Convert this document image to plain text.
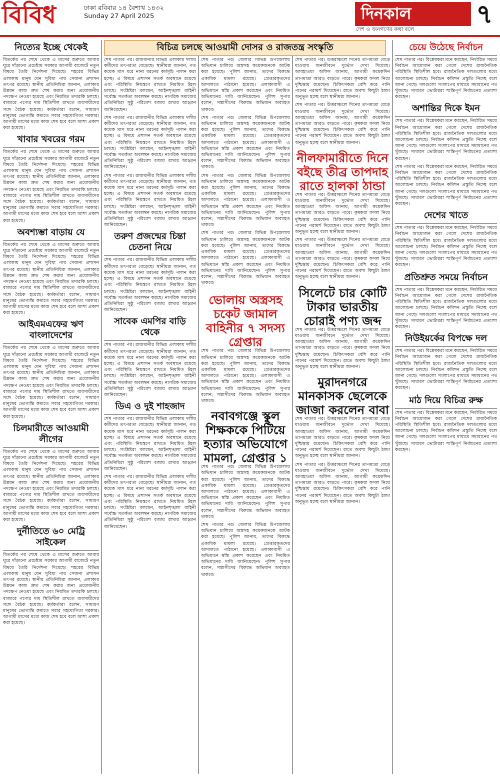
বিবিধ	ঢাকা রবিবার ১৪ বৈশাখ ১৪৩২
Sunday 27 April 2025	দিনকাল
দেশ ও জনগণের কথা বলে ৭
নিত্যের ইচ্ছে থেকেই

বিতর্কের পর শেষে থেকে এ মাসের শুরুতে আবার ঘুরে দাঁড়ানো প্রচেষ্টায় সরকার আগামী বাজেটে নতুন বিষয়ে তৈরি নির্দেশনা দিয়েছে। শহরের বিভিন্ন এলাকায় মানুষ যেন সুবিধা পায় সেজন্য প্রশাসন তৎপর রয়েছে। স্থানীয় প্রতিনিধিরা জানান, এলাকার উন্নয়ন কাজ দ্রুত শেষ করার জন্য প্রয়োজনীয় পদক্ষেপ নেওয়া হয়েছে এবং নিয়মিত তদারকি চলছে। বাজারে পণ্যের দাম স্থিতিশীল রাখতে ব্যবসায়ীদের সঙ্গে বৈঠক হয়েছে। কর্মকর্তারা বলেন, সাধারণ মানুষের ভোগান্তি কমাতে সবার সহযোগিতা দরকার। আগামী মাসের মধ্যে কাজ শেষ হবে বলে আশা প্রকাশ করা হয়েছে।

খাবার খবরের গরম

বিতর্কের পর শেষে থেকে এ মাসের শুরুতে আবার ঘুরে দাঁড়ানো প্রচেষ্টায় সরকার আগামী বাজেটে নতুন বিষয়ে তৈরি নির্দেশনা দিয়েছে। শহরের বিভিন্ন এলাকায় মানুষ যেন সুবিধা পায় সেজন্য প্রশাসন তৎপর রয়েছে। স্থানীয় প্রতিনিধিরা জানান, এলাকার উন্নয়ন কাজ দ্রুত শেষ করার জন্য প্রয়োজনীয় পদক্ষেপ নেওয়া হয়েছে এবং নিয়মিত তদারকি চলছে। বাজারে পণ্যের দাম স্থিতিশীল রাখতে ব্যবসায়ীদের সঙ্গে বৈঠক হয়েছে। কর্মকর্তারা বলেন, সাধারণ মানুষের ভোগান্তি কমাতে সবার সহযোগিতা দরকার। আগামী মাসের মধ্যে কাজ শেষ হবে বলে আশা প্রকাশ করা হয়েছে।

অবশ্যম্ভা বাড়ায় যে

বিতর্কের পর শেষে থেকে এ মাসের শুরুতে আবার ঘুরে দাঁড়ানো প্রচেষ্টায় সরকার আগামী বাজেটে নতুন বিষয়ে তৈরি নির্দেশনা দিয়েছে। শহরের বিভিন্ন এলাকায় মানুষ যেন সুবিধা পায় সেজন্য প্রশাসন তৎপর রয়েছে। স্থানীয় প্রতিনিধিরা জানান, এলাকার উন্নয়ন কাজ দ্রুত শেষ করার জন্য প্রয়োজনীয় পদক্ষেপ নেওয়া হয়েছে এবং নিয়মিত তদারকি চলছে। বাজারে পণ্যের দাম স্থিতিশীল রাখতে ব্যবসায়ীদের সঙ্গে বৈঠক হয়েছে। কর্মকর্তারা বলেন, সাধারণ মানুষের ভোগান্তি কমাতে সবার সহযোগিতা দরকার। আগামী মাসের মধ্যে কাজ শেষ হবে বলে আশা প্রকাশ করা হয়েছে।

আইএমএফের ঋণ বাংলাদেশের

বিতর্কের পর শেষে থেকে এ মাসের শুরুতে আবার ঘুরে দাঁড়ানো প্রচেষ্টায় সরকার আগামী বাজেটে নতুন বিষয়ে তৈরি নির্দেশনা দিয়েছে। শহরের বিভিন্ন এলাকায় মানুষ যেন সুবিধা পায় সেজন্য প্রশাসন তৎপর রয়েছে। স্থানীয় প্রতিনিধিরা জানান, এলাকার উন্নয়ন কাজ দ্রুত শেষ করার জন্য প্রয়োজনীয় পদক্ষেপ নেওয়া হয়েছে এবং নিয়মিত তদারকি চলছে। বাজারে পণ্যের দাম স্থিতিশীল রাখতে ব্যবসায়ীদের সঙ্গে বৈঠক হয়েছে। কর্মকর্তারা বলেন, সাধারণ মানুষের ভোগান্তি কমাতে সবার সহযোগিতা দরকার। আগামী মাসের মধ্যে কাজ শেষ হবে বলে আশা প্রকাশ করা হয়েছে।

চিলমারীতে আওয়ামী লীগের

বিতর্কের পর শেষে থেকে এ মাসের শুরুতে আবার ঘুরে দাঁড়ানো প্রচেষ্টায় সরকার আগামী বাজেটে নতুন বিষয়ে তৈরি নির্দেশনা দিয়েছে। শহরের বিভিন্ন এলাকায় মানুষ যেন সুবিধা পায় সেজন্য প্রশাসন তৎপর রয়েছে। স্থানীয় প্রতিনিধিরা জানান, এলাকার উন্নয়ন কাজ দ্রুত শেষ করার জন্য প্রয়োজনীয় পদক্ষেপ নেওয়া হয়েছে এবং নিয়মিত তদারকি চলছে। বাজারে পণ্যের দাম স্থিতিশীল রাখতে ব্যবসায়ীদের সঙ্গে বৈঠক হয়েছে। কর্মকর্তারা বলেন, সাধারণ মানুষের ভোগান্তি কমাতে সবার সহযোগিতা দরকার। আগামী মাসের মধ্যে কাজ শেষ হবে বলে আশা প্রকাশ করা হয়েছে।

দুর্নীতিতে ৬০ মেট্রি সাইকেল

বিতর্কের পর শেষে থেকে এ মাসের শুরুতে আবার ঘুরে দাঁড়ানো প্রচেষ্টায় সরকার আগামী বাজেটে নতুন বিষয়ে তৈরি নির্দেশনা দিয়েছে। শহরের বিভিন্ন এলাকায় মানুষ যেন সুবিধা পায় সেজন্য প্রশাসন তৎপর রয়েছে। স্থানীয় প্রতিনিধিরা জানান, এলাকার উন্নয়ন কাজ দ্রুত শেষ করার জন্য প্রয়োজনীয় পদক্ষেপ নেওয়া হয়েছে এবং নিয়মিত তদারকি চলছে। বাজারে পণ্যের দাম স্থিতিশীল রাখতে ব্যবসায়ীদের সঙ্গে বৈঠক হয়েছে। কর্মকর্তারা বলেন, সাধারণ মানুষের ভোগান্তি কমাতে সবার সহযোগিতা দরকার। আগামী মাসের মধ্যে কাজ শেষ হবে বলে আশা প্রকাশ করা হয়েছে।

বিচিত্ৰ চলছে আওয়ামী দোসর ও রাজতন্ত্র সংস্কৃতি

শেষ পাতার পর। রাজধানীর বিভিন্ন এলাকায় দলীয় কর্মীদের তৎপরতা বেড়েছে। স্থানীয়রা জানান, গত কয়েক মাস ধরে নানা ধরনের কর্মসূচি পালন করা হচ্ছে। এ বিষয়ে প্রশাসন সতর্ক অবস্থানে রয়েছে এবং পরিস্থিতি নিয়ন্ত্রণে রাখতে নিয়মিত টহল চলছে। সংশ্লিষ্টরা বলছেন, আইনশৃঙ্খলা বাহিনী সর্বোচ্চ সতর্কতা অবলম্বন করছে। নাগরিক সমাজের প্রতিনিধিরা সুষ্ঠু পরিবেশ বজায় রাখার আহ্বান জানিয়েছেন।

শেষ পাতার পর। রাজধানীর বিভিন্ন এলাকায় দলীয় কর্মীদের তৎপরতা বেড়েছে। স্থানীয়রা জানান, গত কয়েক মাস ধরে নানা ধরনের কর্মসূচি পালন করা হচ্ছে। এ বিষয়ে প্রশাসন সতর্ক অবস্থানে রয়েছে এবং পরিস্থিতি নিয়ন্ত্রণে রাখতে নিয়মিত টহল চলছে। সংশ্লিষ্টরা বলছেন, আইনশৃঙ্খলা বাহিনী সর্বোচ্চ সতর্কতা অবলম্বন করছে। নাগরিক সমাজের প্রতিনিধিরা সুষ্ঠু পরিবেশ বজায় রাখার আহ্বান জানিয়েছেন।

শেষ পাতার পর। রাজধানীর বিভিন্ন এলাকায় দলীয় কর্মীদের তৎপরতা বেড়েছে। স্থানীয়রা জানান, গত কয়েক মাস ধরে নানা ধরনের কর্মসূচি পালন করা হচ্ছে। এ বিষয়ে প্রশাসন সতর্ক অবস্থানে রয়েছে এবং পরিস্থিতি নিয়ন্ত্রণে রাখতে নিয়মিত টহল চলছে। সংশ্লিষ্টরা বলছেন, আইনশৃঙ্খলা বাহিনী সর্বোচ্চ সতর্কতা অবলম্বন করছে। নাগরিক সমাজের প্রতিনিধিরা সুষ্ঠু পরিবেশ বজায় রাখার আহ্বান জানিয়েছেন।

তরুণ প্রজন্মের চিন্তা চেতনা নিয়ে

শেষ পাতার পর। রাজধানীর বিভিন্ন এলাকায় দলীয় কর্মীদের তৎপরতা বেড়েছে। স্থানীয়রা জানান, গত কয়েক মাস ধরে নানা ধরনের কর্মসূচি পালন করা হচ্ছে। এ বিষয়ে প্রশাসন সতর্ক অবস্থানে রয়েছে এবং পরিস্থিতি নিয়ন্ত্রণে রাখতে নিয়মিত টহল চলছে। সংশ্লিষ্টরা বলছেন, আইনশৃঙ্খলা বাহিনী সর্বোচ্চ সতর্কতা অবলম্বন করছে। নাগরিক সমাজের প্রতিনিধিরা সুষ্ঠু পরিবেশ বজায় রাখার আহ্বান জানিয়েছেন।

সাবেক এমপির বাড়ি থেকে

শেষ পাতার পর। রাজধানীর বিভিন্ন এলাকায় দলীয় কর্মীদের তৎপরতা বেড়েছে। স্থানীয়রা জানান, গত কয়েক মাস ধরে নানা ধরনের কর্মসূচি পালন করা হচ্ছে। এ বিষয়ে প্রশাসন সতর্ক অবস্থানে রয়েছে এবং পরিস্থিতি নিয়ন্ত্রণে রাখতে নিয়মিত টহল চলছে। সংশ্লিষ্টরা বলছেন, আইনশৃঙ্খলা বাহিনী সর্বোচ্চ সতর্কতা অবলম্বন করছে। নাগরিক সমাজের প্রতিনিধিরা সুষ্ঠু পরিবেশ বজায় রাখার আহ্বান জানিয়েছেন।

ডিএ ও দুই শাহজাদ

শেষ পাতার পর। রাজধানীর বিভিন্ন এলাকায় দলীয় কর্মীদের তৎপরতা বেড়েছে। স্থানীয়রা জানান, গত কয়েক মাস ধরে নানা ধরনের কর্মসূচি পালন করা হচ্ছে। এ বিষয়ে প্রশাসন সতর্ক অবস্থানে রয়েছে এবং পরিস্থিতি নিয়ন্ত্রণে রাখতে নিয়মিত টহল চলছে। সংশ্লিষ্টরা বলছেন, আইনশৃঙ্খলা বাহিনী সর্বোচ্চ সতর্কতা অবলম্বন করছে। নাগরিক সমাজের প্রতিনিধিরা সুষ্ঠু পরিবেশ বজায় রাখার আহ্বান জানিয়েছেন।

শেষ পাতার পর। রাজধানীর বিভিন্ন এলাকায় দলীয় কর্মীদের তৎপরতা বেড়েছে। স্থানীয়রা জানান, গত কয়েক মাস ধরে নানা ধরনের কর্মসূচি পালন করা হচ্ছে। এ বিষয়ে প্রশাসন সতর্ক অবস্থানে রয়েছে এবং পরিস্থিতি নিয়ন্ত্রণে রাখতে নিয়মিত টহল চলছে। সংশ্লিষ্টরা বলছেন, আইনশৃঙ্খলা বাহিনী সর্বোচ্চ সতর্কতা অবলম্বন করছে। নাগরিক সমাজের প্রতিনিধিরা সুষ্ঠু পরিবেশ বজায় রাখার আহ্বান জানিয়েছেন।

শেষ পাতার পর। জেলার বিভিন্ন উপজেলায় অভিযান চালিয়ে অস্ত্রসহ কয়েকজনকে আটক করা হয়েছে। পুলিশ জানায়, তাদের বিরুদ্ধে একাধিক মামলা রয়েছে। গ্রেপ্তারকৃতদের আদালতে পাঠানো হয়েছে। এলাকাবাসী এ অভিযানে স্বস্তি প্রকাশ করেছেন এবং নিয়মিত অভিযানের দাবি জানিয়েছেন। পুলিশ সুপার বলেন, সন্ত্রাসীদের বিরুদ্ধে অভিযান অব্যাহত থাকবে।

শেষ পাতার পর। জেলার বিভিন্ন উপজেলায় অভিযান চালিয়ে অস্ত্রসহ কয়েকজনকে আটক করা হয়েছে। পুলিশ জানায়, তাদের বিরুদ্ধে একাধিক মামলা রয়েছে। গ্রেপ্তারকৃতদের আদালতে পাঠানো হয়েছে। এলাকাবাসী এ অভিযানে স্বস্তি প্রকাশ করেছেন এবং নিয়মিত অভিযানের দাবি জানিয়েছেন। পুলিশ সুপার বলেন, সন্ত্রাসীদের বিরুদ্ধে অভিযান অব্যাহত থাকবে।

শেষ পাতার পর। জেলার বিভিন্ন উপজেলায় অভিযান চালিয়ে অস্ত্রসহ কয়েকজনকে আটক করা হয়েছে। পুলিশ জানায়, তাদের বিরুদ্ধে একাধিক মামলা রয়েছে। গ্রেপ্তারকৃতদের আদালতে পাঠানো হয়েছে। এলাকাবাসী এ অভিযানে স্বস্তি প্রকাশ করেছেন এবং নিয়মিত অভিযানের দাবি জানিয়েছেন। পুলিশ সুপার বলেন, সন্ত্রাসীদের বিরুদ্ধে অভিযান অব্যাহত থাকবে।

শেষ পাতার পর। জেলার বিভিন্ন উপজেলায় অভিযান চালিয়ে অস্ত্রসহ কয়েকজনকে আটক করা হয়েছে। পুলিশ জানায়, তাদের বিরুদ্ধে একাধিক মামলা রয়েছে। গ্রেপ্তারকৃতদের আদালতে পাঠানো হয়েছে। এলাকাবাসী এ অভিযানে স্বস্তি প্রকাশ করেছেন এবং নিয়মিত অভিযানের দাবি জানিয়েছেন। পুলিশ সুপার বলেন, সন্ত্রাসীদের বিরুদ্ধে অভিযান অব্যাহত থাকবে।

ভোলায় অস্ত্রসহ চকেট জামাল বাহিনীর ৭ সদস্য গ্রেপ্তার

শেষ পাতার পর। জেলার বিভিন্ন উপজেলায় অভিযান চালিয়ে অস্ত্রসহ কয়েকজনকে আটক করা হয়েছে। পুলিশ জানায়, তাদের বিরুদ্ধে একাধিক মামলা রয়েছে। গ্রেপ্তারকৃতদের আদালতে পাঠানো হয়েছে। এলাকাবাসী এ অভিযানে স্বস্তি প্রকাশ করেছেন এবং নিয়মিত অভিযানের দাবি জানিয়েছেন। পুলিশ সুপার বলেন, সন্ত্রাসীদের বিরুদ্ধে অভিযান অব্যাহত থাকবে।

নবাবগঞ্জে স্কুল শিক্ষককে পিটিয়ে হত্যার অভিযোগে মামলা, গ্রেপ্তার ১

শেষ পাতার পর। জেলার বিভিন্ন উপজেলায় অভিযান চালিয়ে অস্ত্রসহ কয়েকজনকে আটক করা হয়েছে। পুলিশ জানায়, তাদের বিরুদ্ধে একাধিক মামলা রয়েছে। গ্রেপ্তারকৃতদের আদালতে পাঠানো হয়েছে। এলাকাবাসী এ অভিযানে স্বস্তি প্রকাশ করেছেন এবং নিয়মিত অভিযানের দাবি জানিয়েছেন। পুলিশ সুপার বলেন, সন্ত্রাসীদের বিরুদ্ধে অভিযান অব্যাহত থাকবে।

শেষ পাতার পর। জেলার বিভিন্ন উপজেলায় অভিযান চালিয়ে অস্ত্রসহ কয়েকজনকে আটক করা হয়েছে। পুলিশ জানায়, তাদের বিরুদ্ধে একাধিক মামলা রয়েছে। গ্রেপ্তারকৃতদের আদালতে পাঠানো হয়েছে। এলাকাবাসী এ অভিযানে স্বস্তি প্রকাশ করেছেন এবং নিয়মিত অভিযানের দাবি জানিয়েছেন। পুলিশ সুপার বলেন, সন্ত্রাসীদের বিরুদ্ধে অভিযান অব্যাহত থাকবে।

শেষ পাতার পর। উত্তরাঞ্চলে দিনের তাপমাত্রা বেড়ে যাওয়ায় জনজীবনে দুর্ভোগ দেখা দিয়েছে। আবহাওয়া অফিস জানায়, আগামী কয়েকদিন তাপমাত্রা আরও বাড়তে পারে। কৃষকরা ফসল নিয়ে দুশ্চিন্তায় রয়েছেন। চিকিৎসকরা বেশি করে পানি পানের পরামর্শ দিয়েছেন। রাতে অবশ্য কিছুটা ঠান্ডা অনুভূত হচ্ছে বলে স্থানীয়রা জানান।

শেষ পাতার পর। উত্তরাঞ্চলে দিনের তাপমাত্রা বেড়ে যাওয়ায় জনজীবনে দুর্ভোগ দেখা দিয়েছে। আবহাওয়া অফিস জানায়, আগামী কয়েকদিন তাপমাত্রা আরও বাড়তে পারে। কৃষকরা ফসল নিয়ে দুশ্চিন্তায় রয়েছেন। চিকিৎসকরা বেশি করে পানি পানের পরামর্শ দিয়েছেন। রাতে অবশ্য কিছুটা ঠান্ডা অনুভূত হচ্ছে বলে স্থানীয়রা জানান।

নীলফামারীতে দিনে বইছে তীব্র তাপদাহ রাতে হালকা ঠান্ডা

শেষ পাতার পর। উত্তরাঞ্চলে দিনের তাপমাত্রা বেড়ে যাওয়ায় জনজীবনে দুর্ভোগ দেখা দিয়েছে। আবহাওয়া অফিস জানায়, আগামী কয়েকদিন তাপমাত্রা আরও বাড়তে পারে। কৃষকরা ফসল নিয়ে দুশ্চিন্তায় রয়েছেন। চিকিৎসকরা বেশি করে পানি পানের পরামর্শ দিয়েছেন। রাতে অবশ্য কিছুটা ঠান্ডা অনুভূত হচ্ছে বলে স্থানীয়রা জানান।

শেষ পাতার পর। উত্তরাঞ্চলে দিনের তাপমাত্রা বেড়ে যাওয়ায় জনজীবনে দুর্ভোগ দেখা দিয়েছে। আবহাওয়া অফিস জানায়, আগামী কয়েকদিন তাপমাত্রা আরও বাড়তে পারে। কৃষকরা ফসল নিয়ে দুশ্চিন্তায় রয়েছেন। চিকিৎসকরা বেশি করে পানি পানের পরামর্শ দিয়েছেন। রাতে অবশ্য কিছুটা ঠান্ডা অনুভূত হচ্ছে বলে স্থানীয়রা জানান।

সিলেটে চার কোটি টাকার ভারতীয় চোরাই পণ্য জব্দ

শেষ পাতার পর। উত্তরাঞ্চলে দিনের তাপমাত্রা বেড়ে যাওয়ায় জনজীবনে দুর্ভোগ দেখা দিয়েছে। আবহাওয়া অফিস জানায়, আগামী কয়েকদিন তাপমাত্রা আরও বাড়তে পারে। কৃষকরা ফসল নিয়ে দুশ্চিন্তায় রয়েছেন। চিকিৎসকরা বেশি করে পানি পানের পরামর্শ দিয়েছেন। রাতে অবশ্য কিছুটা ঠান্ডা অনুভূত হচ্ছে বলে স্থানীয়রা জানান।

মুরাদনগরে মানকাসক ছেলেকে জাজা করলেন বাবা

শেষ পাতার পর। উত্তরাঞ্চলে দিনের তাপমাত্রা বেড়ে যাওয়ায় জনজীবনে দুর্ভোগ দেখা দিয়েছে। আবহাওয়া অফিস জানায়, আগামী কয়েকদিন তাপমাত্রা আরও বাড়তে পারে। কৃষকরা ফসল নিয়ে দুশ্চিন্তায় রয়েছেন। চিকিৎসকরা বেশি করে পানি পানের পরামর্শ দিয়েছেন। রাতে অবশ্য কিছুটা ঠান্ডা অনুভূত হচ্ছে বলে স্থানীয়রা জানান।

শেষ পাতার পর। উত্তরাঞ্চলে দিনের তাপমাত্রা বেড়ে যাওয়ায় জনজীবনে দুর্ভোগ দেখা দিয়েছে। আবহাওয়া অফিস জানায়, আগামী কয়েকদিন তাপমাত্রা আরও বাড়তে পারে। কৃষকরা ফসল নিয়ে দুশ্চিন্তায় রয়েছেন। চিকিৎসকরা বেশি করে পানি পানের পরামর্শ দিয়েছেন। রাতে অবশ্য কিছুটা ঠান্ডা অনুভূত হচ্ছে বলে স্থানীয়রা জানান।

চেয়ে উঠেছে নির্বাচন

শেষ পাতার পর। বিশ্লেষকরা মনে করছেন, নির্ধারিত সময়ে নির্বাচন আয়োজন করা গেলে দেশের রাজনৈতিক পরিস্থিতি স্থিতিশীল হবে। রাজনৈতিক দলগুলোর মধ্যে আলোচনা চলছে। নির্বাচন কমিশন প্রস্তুতি নিচ্ছে বলে জানা গেছে। দলগুলো সংলাপের মাধ্যমে সমাধানের পথ খুঁজছে। সাধারণ ভোটাররা শান্তিপূর্ণ নির্বাচনের প্রত্যাশা করছেন।

অশান্তির দিকে ইমন

শেষ পাতার পর। বিশ্লেষকরা মনে করছেন, নির্ধারিত সময়ে নির্বাচন আয়োজন করা গেলে দেশের রাজনৈতিক পরিস্থিতি স্থিতিশীল হবে। রাজনৈতিক দলগুলোর মধ্যে আলোচনা চলছে। নির্বাচন কমিশন প্রস্তুতি নিচ্ছে বলে জানা গেছে। দলগুলো সংলাপের মাধ্যমে সমাধানের পথ খুঁজছে। সাধারণ ভোটাররা শান্তিপূর্ণ নির্বাচনের প্রত্যাশা করছেন।

শেষ পাতার পর। বিশ্লেষকরা মনে করছেন, নির্ধারিত সময়ে নির্বাচন আয়োজন করা গেলে দেশের রাজনৈতিক পরিস্থিতি স্থিতিশীল হবে। রাজনৈতিক দলগুলোর মধ্যে আলোচনা চলছে। নির্বাচন কমিশন প্রস্তুতি নিচ্ছে বলে জানা গেছে। দলগুলো সংলাপের মাধ্যমে সমাধানের পথ খুঁজছে। সাধারণ ভোটাররা শান্তিপূর্ণ নির্বাচনের প্রত্যাশা করছেন।

দেশের খাতে

শেষ পাতার পর। বিশ্লেষকরা মনে করছেন, নির্ধারিত সময়ে নির্বাচন আয়োজন করা গেলে দেশের রাজনৈতিক পরিস্থিতি স্থিতিশীল হবে। রাজনৈতিক দলগুলোর মধ্যে আলোচনা চলছে। নির্বাচন কমিশন প্রস্তুতি নিচ্ছে বলে জানা গেছে। দলগুলো সংলাপের মাধ্যমে সমাধানের পথ খুঁজছে। সাধারণ ভোটাররা শান্তিপূর্ণ নির্বাচনের প্রত্যাশা করছেন।

প্রতিশ্রুত সময়ে নির্বাচন

শেষ পাতার পর। বিশ্লেষকরা মনে করছেন, নির্ধারিত সময়ে নির্বাচন আয়োজন করা গেলে দেশের রাজনৈতিক পরিস্থিতি স্থিতিশীল হবে। রাজনৈতিক দলগুলোর মধ্যে আলোচনা চলছে। নির্বাচন কমিশন প্রস্তুতি নিচ্ছে বলে জানা গেছে। দলগুলো সংলাপের মাধ্যমে সমাধানের পথ খুঁজছে। সাধারণ ভোটাররা শান্তিপূর্ণ নির্বাচনের প্রত্যাশা করছেন।

নিউইয়র্কের বিপক্ষে দল

শেষ পাতার পর। বিশ্লেষকরা মনে করছেন, নির্ধারিত সময়ে নির্বাচন আয়োজন করা গেলে দেশের রাজনৈতিক পরিস্থিতি স্থিতিশীল হবে। রাজনৈতিক দলগুলোর মধ্যে আলোচনা চলছে। নির্বাচন কমিশন প্রস্তুতি নিচ্ছে বলে জানা গেছে। দলগুলো সংলাপের মাধ্যমে সমাধানের পথ খুঁজছে। সাধারণ ভোটাররা শান্তিপূর্ণ নির্বাচনের প্রত্যাশা করছেন।

মাঠ দিয়ে বিচিত্ৰ রুক্ষ

শেষ পাতার পর। বিশ্লেষকরা মনে করছেন, নির্ধারিত সময়ে নির্বাচন আয়োজন করা গেলে দেশের রাজনৈতিক পরিস্থিতি স্থিতিশীল হবে। রাজনৈতিক দলগুলোর মধ্যে আলোচনা চলছে। নির্বাচন কমিশন প্রস্তুতি নিচ্ছে বলে জানা গেছে। দলগুলো সংলাপের মাধ্যমে সমাধানের পথ খুঁজছে। সাধারণ ভোটাররা শান্তিপূর্ণ নির্বাচনের প্রত্যাশা করছেন।
